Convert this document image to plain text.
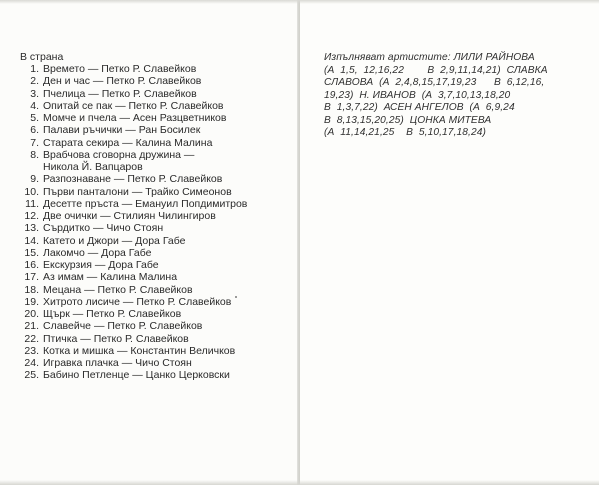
В страна
1. Времето — Петко Р. Славейков
2. Ден и час — Петко Р. Славейков
3. Пчелица — Петко Р. Славейков
4. Опитай се пак — Петко Р. Славейков
5. Момче и пчела — Асен Разцветников
6. Палави ръчички — Ран Босилек
7. Старата секира — Калина Малина
8. Врабчова сговорна дружина —
Никола Й. Вапцаров
9. Разпознаване — Петко Р. Славейков
10. Първи панталони — Трайко Симеонов
11. Десетте пръста — Емануил Попдимитров
12. Две очички — Стилиян Чилингиров
13. Сърдитко — Чичо Стоян
14. Катето и Джори — Дора Габе
15. Лакомчо — Дора Габе
16. Екскурзия — Дора Габе
17. Аз имам — Калина Малина
18. Мецана — Петко Р. Славейков
19. Хитрото лисиче — Петко Р. Славейков
20. Щърк — Петко Р. Славейков
21. Славейче — Петко Р. Славейков
22. Птичка — Петко Р. Славейков
23. Котка и мишка — Константин Величков
24. Игравка плачка — Чичо Стоян
25. Бабино Петленце — Цанко Церковски
Изпълняват артистите: ЛИЛИ РАЙНОВА
(А  1,5,  12,16,22        В  2,9,11,14,21)  СЛАВКА
СЛАВОВА  (А  2,4,8,15,17,19,23      В  6,12,16,
19,23)  Н. ИВАНОВ  (А  3,7,10,13,18,20
В  1,3,7,22)  АСЕН АНГЕЛОВ  (А  6,9,24
В  8,13,15,20,25)  ЦОНКА МИТЕВА
(А  11,14,21,25    В  5,10,17,18,24)
